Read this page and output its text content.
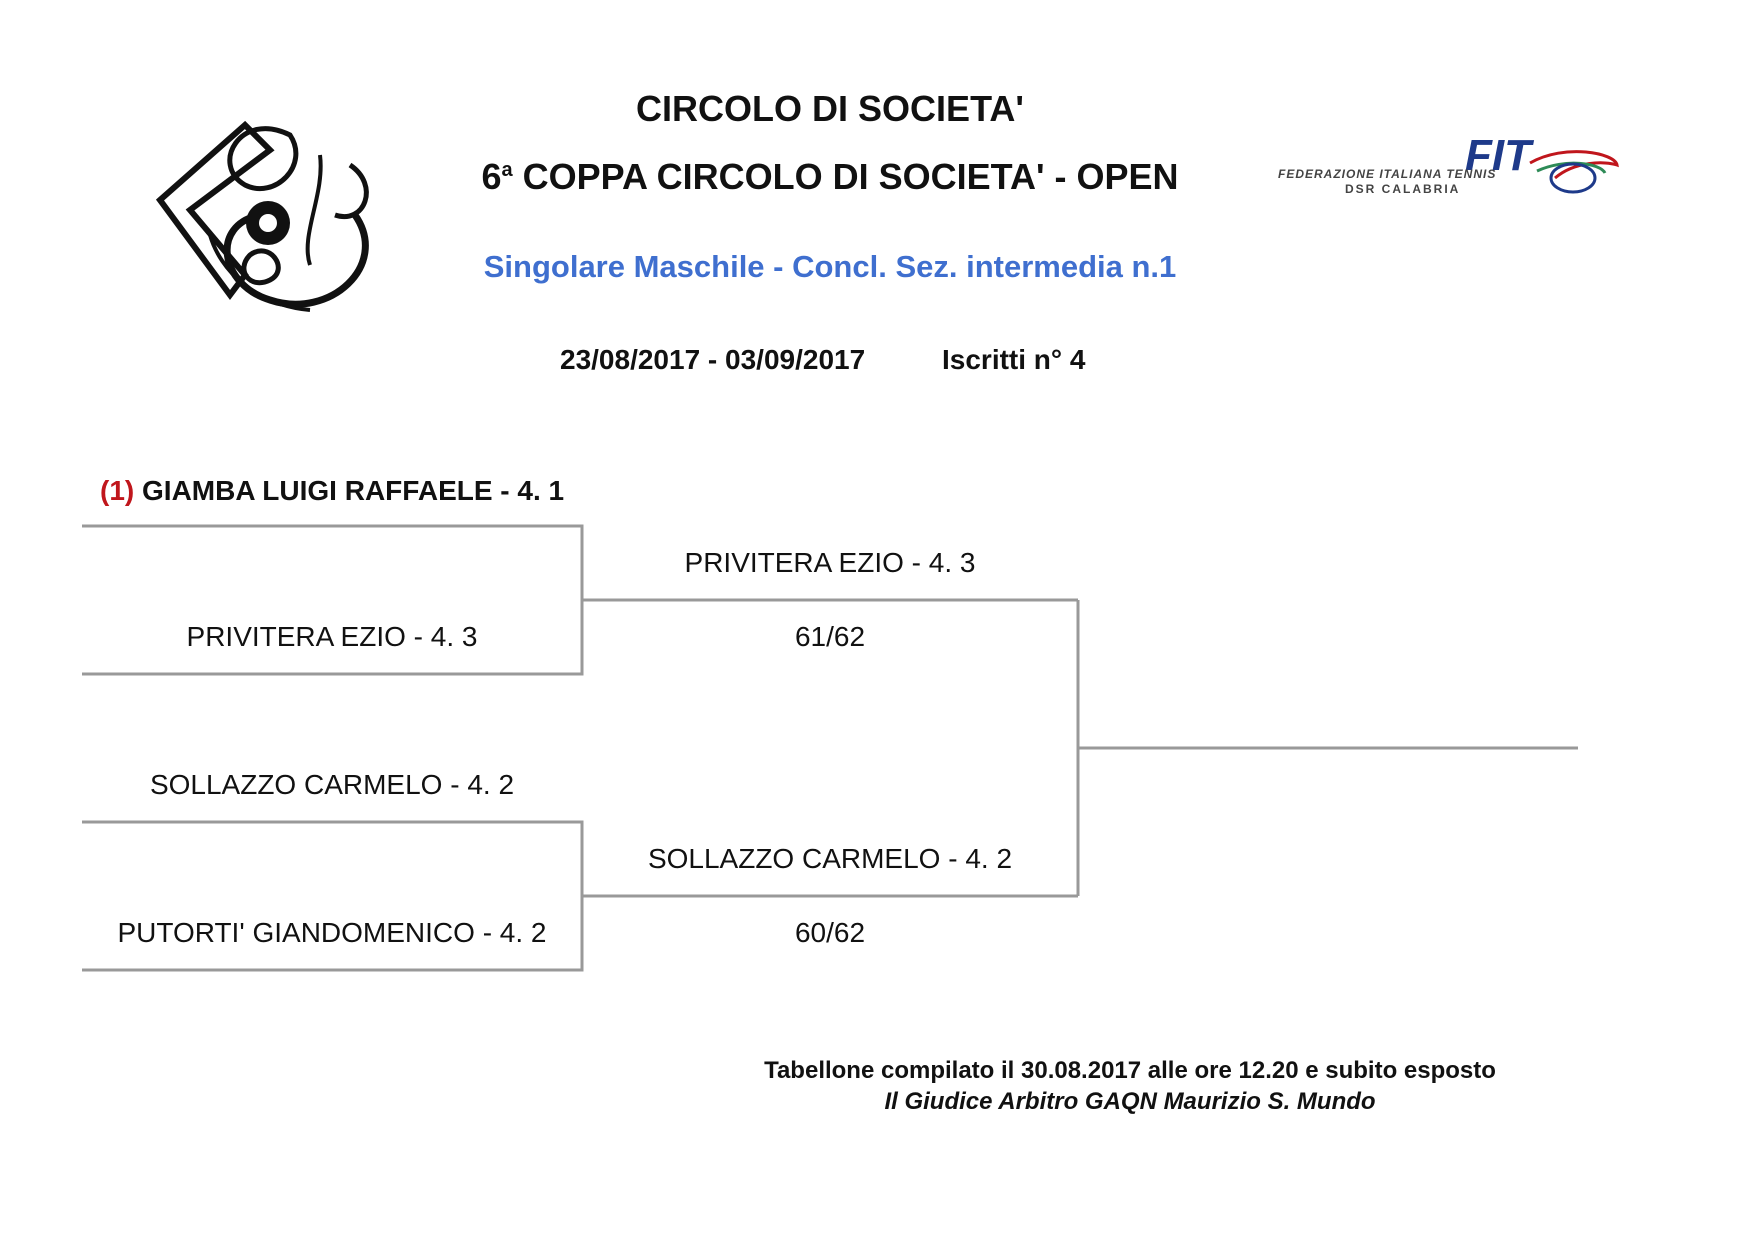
FIT
FEDERAZIONE ITALIANA TENNIS
DSR CALABRIA
CIRCOLO DI SOCIETA'
6$^a$ COPPA CIRCOLO DI SOCIETA' - OPEN
Singolare Maschile - Concl. Sez. intermedia n.1
23/08/2017 - 03/09/2017	Iscritti n° 4
(1) GIAMBA LUIGI RAFFAELE - 4. 1
PRIVITERA EZIO - 4. 3
SOLLAZZO CARMELO - 4. 2
PUTORTI' GIANDOMENICO - 4. 2
PRIVITERA EZIO - 4. 3
61/62
SOLLAZZO CARMELO - 4. 2
60/62
Tabellone compilato il 30.08.2017 alle ore 12.20 e subito esposto
Il Giudice Arbitro GAQN Maurizio S. Mundo
